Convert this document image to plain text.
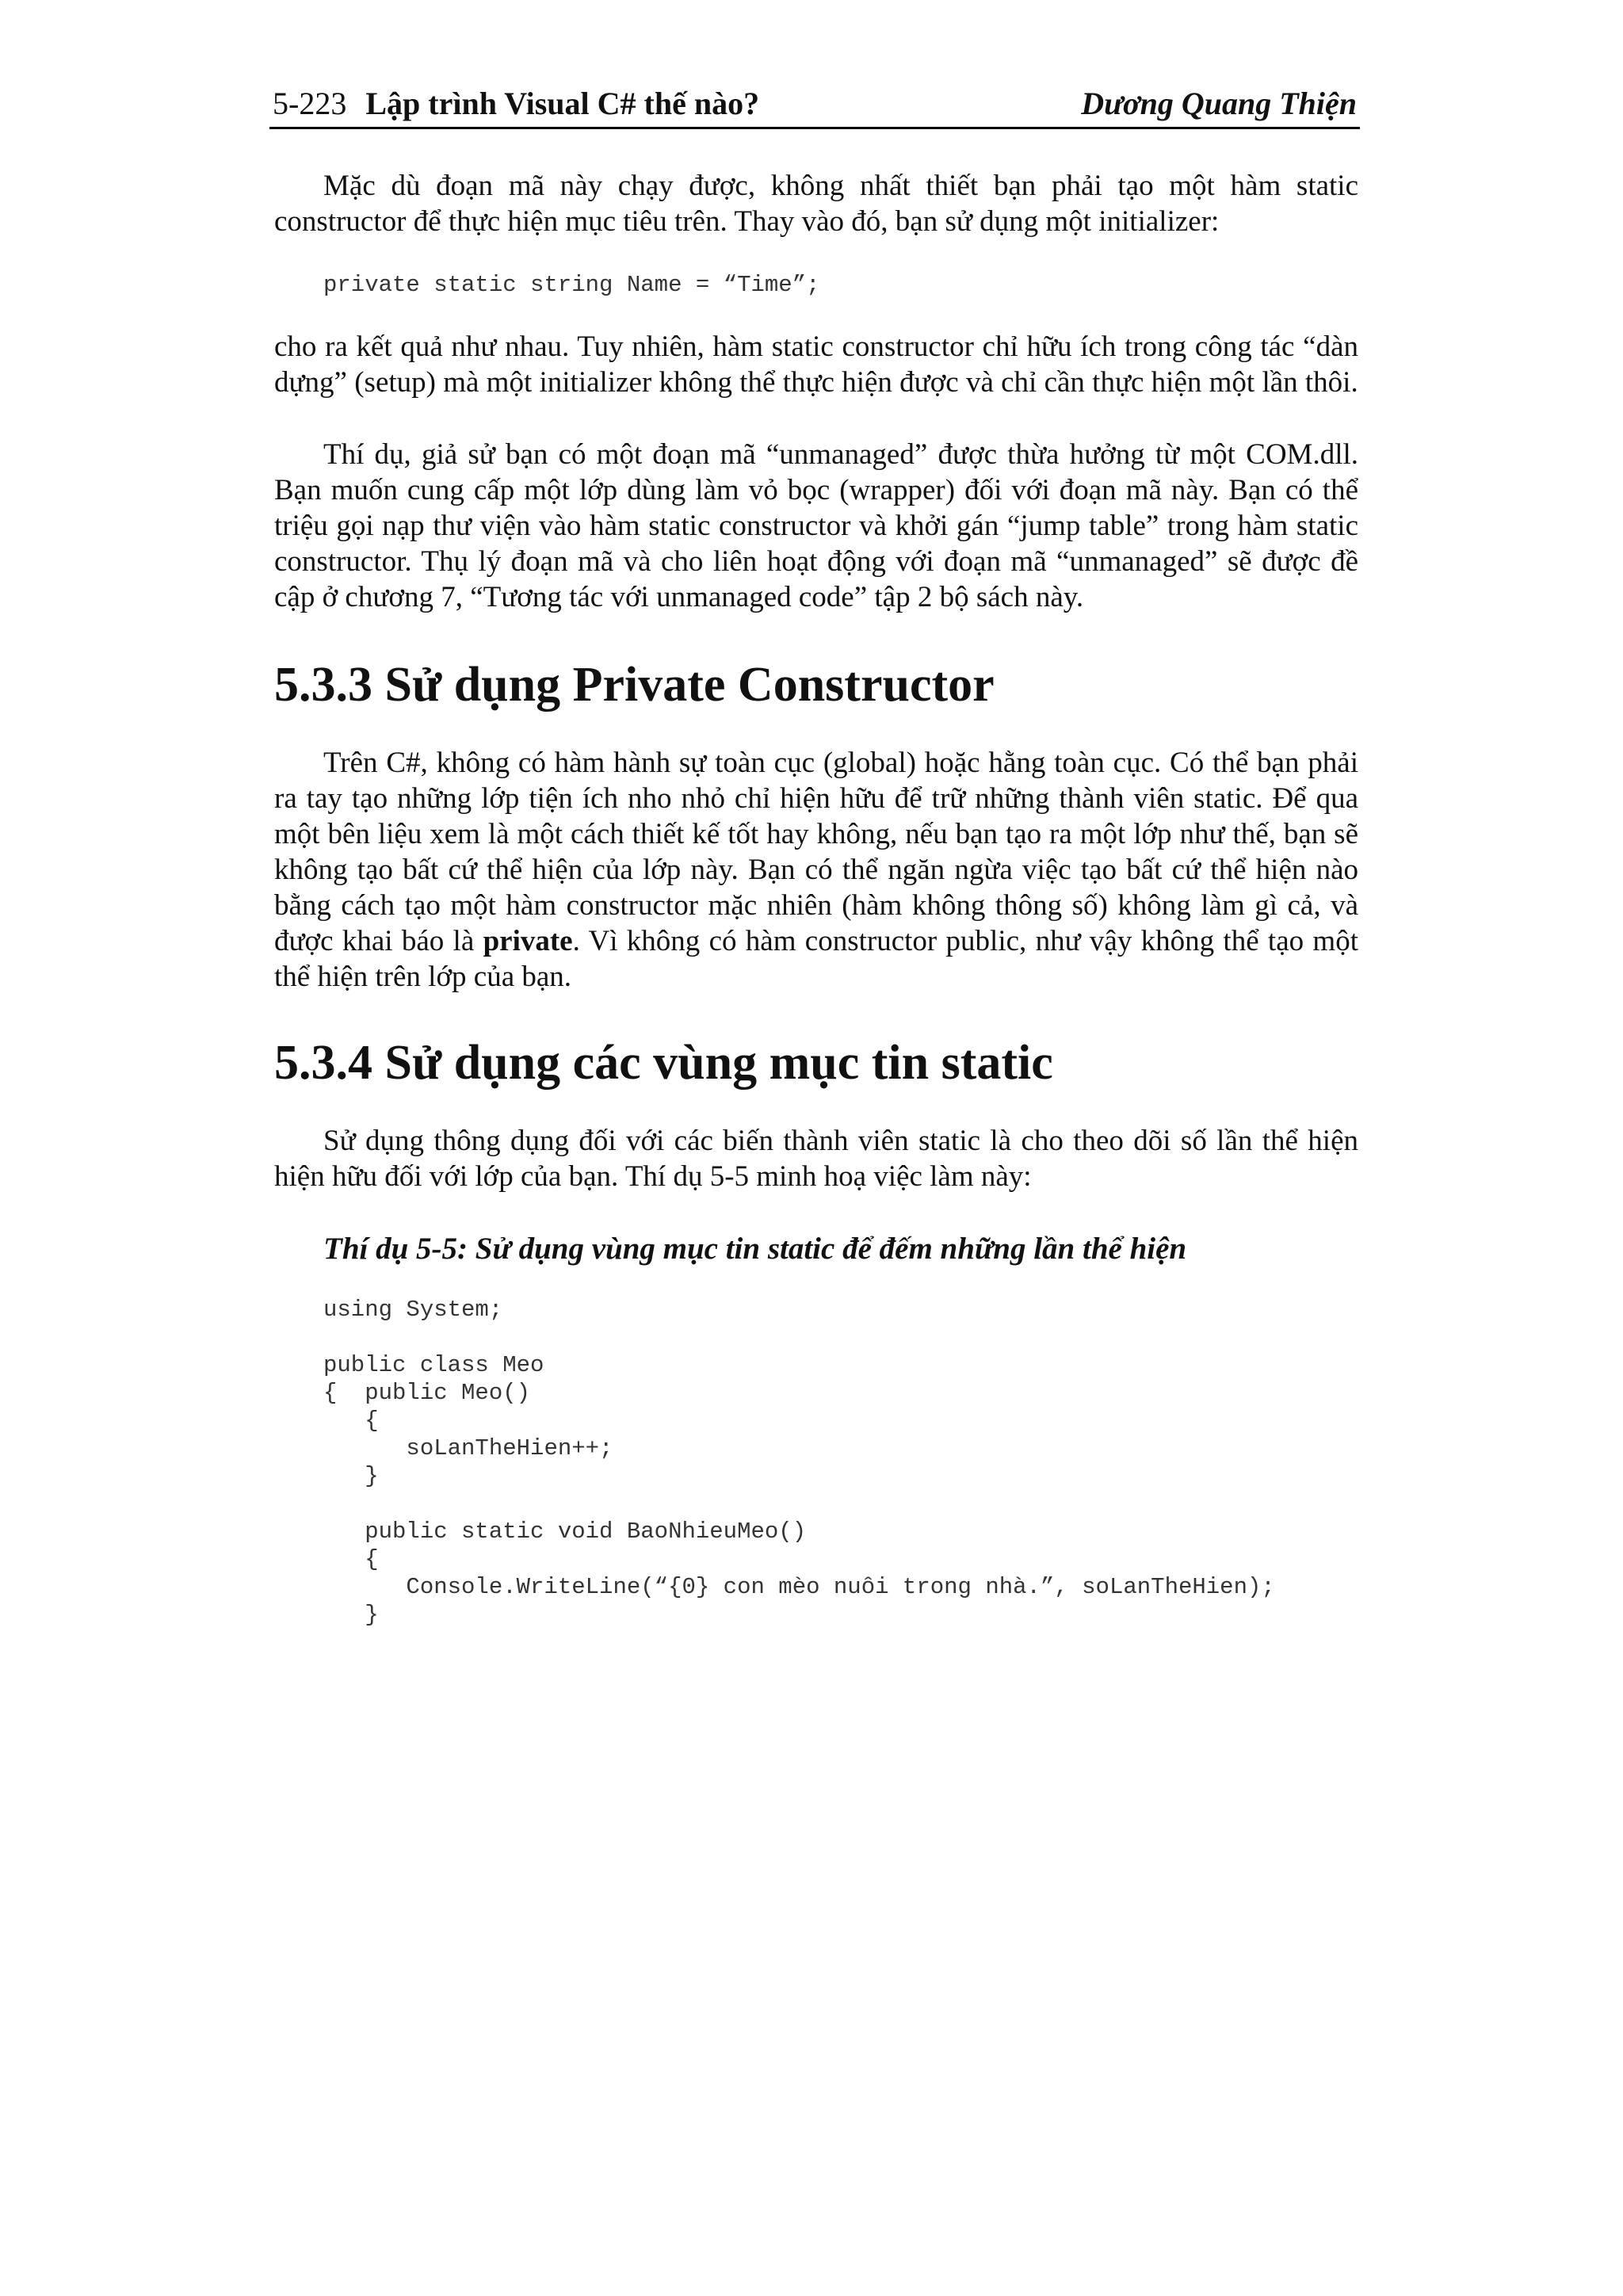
5-223 Lập trình Visual C# thế nào?	Dương Quang Thiện

Mặc dù đoạn mã này chạy được, không nhất thiết bạn phải tạo một hàm static constructor để thực hiện mục tiêu trên. Thay vào đó, bạn sử dụng một initializer:

private static string Name = “Time”;

cho ra kết quả như nhau. Tuy nhiên, hàm static constructor chỉ hữu ích trong công tác “dàn dựng” (setup) mà một initializer không thể thực hiện được và chỉ cần thực hiện một lần thôi.

Thí dụ, giả sử bạn có một đoạn mã “unmanaged” được thừa hưởng từ một COM.dll. Bạn muốn cung cấp một lớp dùng làm vỏ bọc (wrapper) đối với đoạn mã này. Bạn có thể triệu gọi nạp thư viện vào hàm static constructor và khởi gán “jump table” trong hàm static constructor. Thụ lý đoạn mã và cho liên hoạt động với đoạn mã “unmanaged” sẽ được đề cập ở chương 7, “Tương tác với unmanaged code” tập 2 bộ sách này.

5.3.3 Sử dụng Private Constructor

Trên C#, không có hàm hành sự toàn cục (global) hoặc hằng toàn cục. Có thể bạn phải ra tay tạo những lớp tiện ích nho nhỏ chỉ hiện hữu để trữ những thành viên static. Để qua một bên liệu xem là một cách thiết kế tốt hay không, nếu bạn tạo ra một lớp như thế, bạn sẽ không tạo bất cứ thể hiện của lớp này. Bạn có thể ngăn ngừa việc tạo bất cứ thể hiện nào bằng cách tạo một hàm constructor mặc nhiên (hàm không thông số) không làm gì cả, và được khai báo là private. Vì không có hàm constructor public, như vậy không thể tạo một thể hiện trên lớp của bạn.

5.3.4 Sử dụng các vùng mục tin static

Sử dụng thông dụng đối với các biến thành viên static là cho theo dõi số lần thể hiện hiện hữu đối với lớp của bạn. Thí dụ 5-5 minh hoạ việc làm này:

Thí dụ 5-5: Sử dụng vùng mục tin static để đếm những lần thể hiện
using System;
public class Meo
{  public Meo()
{
soLanTheHien++;
}

public static void BaoNhieuMeo()
{
Console.WriteLine(“{0} con mèo nuôi trong nhà.”, soLanTheHien);
}
